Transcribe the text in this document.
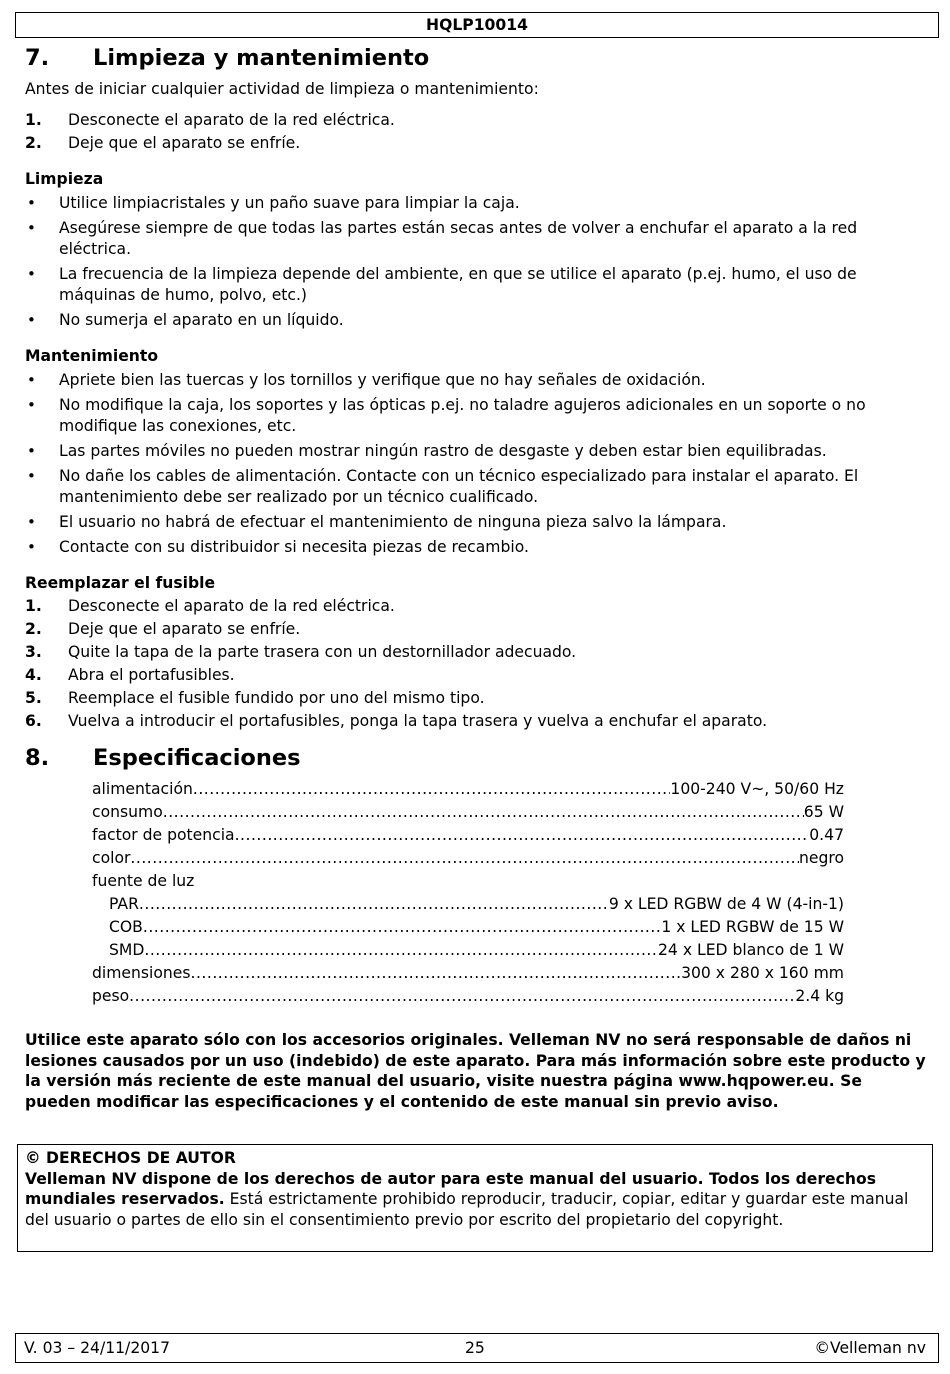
HQLP10014
7. Limpieza y mantenimiento
Antes de iniciar cualquier actividad de limpieza o mantenimiento:
1. Desconecte el aparato de la red eléctrica.
2. Deje que el aparato se enfríe.
Limpieza
• Utilice limpiacristales y un paño suave para limpiar la caja.
• Asegúrese siempre de que todas las partes están secas antes de volver a enchufar el aparato a la red eléctrica.
• La frecuencia de la limpieza depende del ambiente, en que se utilice el aparato (p.ej. humo, el uso de máquinas de humo, polvo, etc.)
• No sumerja el aparato en un líquido.
Mantenimiento
• Apriete bien las tuercas y los tornillos y verifique que no hay señales de oxidación.
• No modifique la caja, los soportes y las ópticas p.ej. no taladre agujeros adicionales en un soporte o no modifique las conexiones, etc.
• Las partes móviles no pueden mostrar ningún rastro de desgaste y deben estar bien equilibradas.
• No dañe los cables de alimentación. Contacte con un técnico especializado para instalar el aparato. El mantenimiento debe ser realizado por un técnico cualificado.
• El usuario no habrá de efectuar el mantenimiento de ninguna pieza salvo la lámpara.
• Contacte con su distribuidor si necesita piezas de recambio.
Reemplazar el fusible
1. Desconecte el aparato de la red eléctrica.
2. Deje que el aparato se enfríe.
3. Quite la tapa de la parte trasera con un destornillador adecuado.
4. Abra el portafusibles.
5. Reemplace el fusible fundido por uno del mismo tipo.
6. Vuelva a introducir el portafusibles, ponga la tapa trasera y vuelva a enchufar el aparato.
8. Especificaciones
alimentación .....	100-240 V~, 50/60 Hz
consumo .....	65 W
factor de potencia .....	0.47
color .....	negro
fuente de luz
PAR .....	9 x LED RGBW de 4 W (4-in-1)
COB .....	1 x LED RGBW de 15 W
SMD .....	24 x LED blanco de 1 W
dimensiones .....	300 x 280 x 160 mm
peso .....	2.4 kg
Utilice este aparato sólo con los accesorios originales. Velleman NV no será responsable de daños ni lesiones causados por un uso (indebido) de este aparato. Para más información sobre este producto y la versión más reciente de este manual del usuario, visite nuestra página www.hqpower.eu. Se pueden modificar las especificaciones y el contenido de este manual sin previo aviso.
© DERECHOS DE AUTOR
Velleman NV dispone de los derechos de autor para este manual del usuario. Todos los derechos mundiales reservados. Está estrictamente prohibido reproducir, traducir, copiar, editar y guardar este manual del usuario o partes de ello sin el consentimiento previo por escrito del propietario del copyright.
V. 03 – 24/11/2017	25	©Velleman nv
